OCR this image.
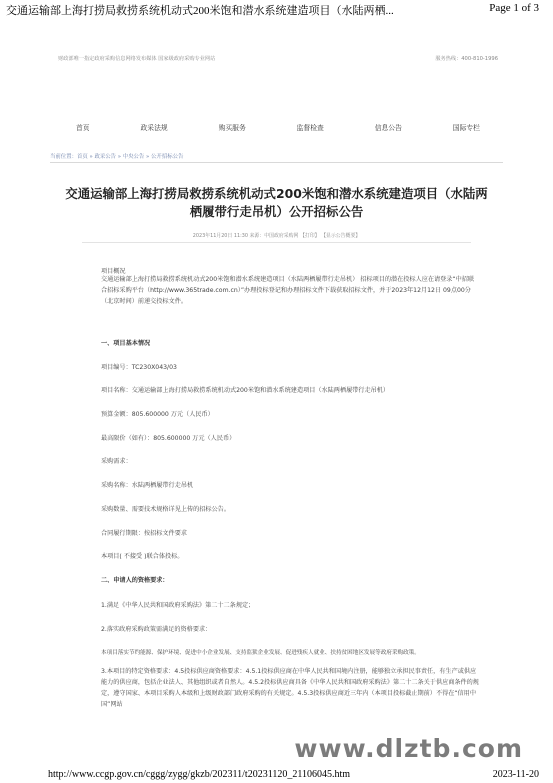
交通运输部上海打捞局救捞系统机动式200米饱和潜水系统建造项目（水陆两栖...	Page 1 of 3
财政部唯一指定政府采购信息网络发布媒体 国家级政府采购专业网站	服务热线：400-810-1996
首页	政采法规	购买服务	监督检查	信息公告	国际专栏
当前位置：首页 » 政采公告 » 中央公告 » 公开招标公告
交通运输部上海打捞局救捞系统机动式200米饱和潜水系统建造项目（水陆两栖履带行走吊机）公开招标公告
2023年11月20日 11:30 来源：中国政府采购网 【打印】 【显示公告概要】

项目概况

交通运输部上海打捞局救捞系统机动式200米饱和潜水系统建造项目（水陆两栖履带行走吊机） 招标项目的潜在投标人应在请登录“中招联合招标采购平台（http://www.365trade.com.cn）”办理投标登记和办理招标文件下载获取招标文件，并于2023年12月12日 09点00分（北京时间）前递交投标文件。

一、项目基本情况

项目编号：TC230X043/03

项目名称：交通运输部上海打捞局救捞系统机动式200米饱和潜水系统建造项目（水陆两栖履带行走吊机）

预算金额：805.600000 万元（人民币）

最高限价（如有）：805.600000 万元（人民币）

采购需求：

采购名称：水陆两栖履带行走吊机

采购数量、需要技术规格详见上传的招标公告。

合同履行期限：按招标文件要求

本项目( 不接受 )联合体投标。

二、申请人的资格要求：

1.满足《中华人民共和国政府采购法》第二十二条规定；

2.落实政府采购政策需满足的资格要求：

本项目落实节约能源、保护环境、促进中小企业发展、支持监狱企业发展、促进残疾人就业、扶持贫困地区发展等政府采购政策。

3.本项目的特定资格要求：4.5投标供应商资格要求：4.5.1投标供应商在中华人民共和国境内注册，能够独立承担民事责任，有生产或供应能力的供应商，包括企业法人、其他组织或者自然人。4.5.2投标供应商具备《中华人民共和国政府采购法》第二十二条关于供应商条件的规定，遵守国家、本项目采购人本级和上级财政部门政府采购的有关规定。4.5.3投标供应商近三年内（本项目投标截止期前）不得在“信用中国”网站

www.dlztb.com
http://www.ccgp.gov.cn/cggg/zygg/gkzb/202311/t20231120_21106045.htm	2023-11-20
